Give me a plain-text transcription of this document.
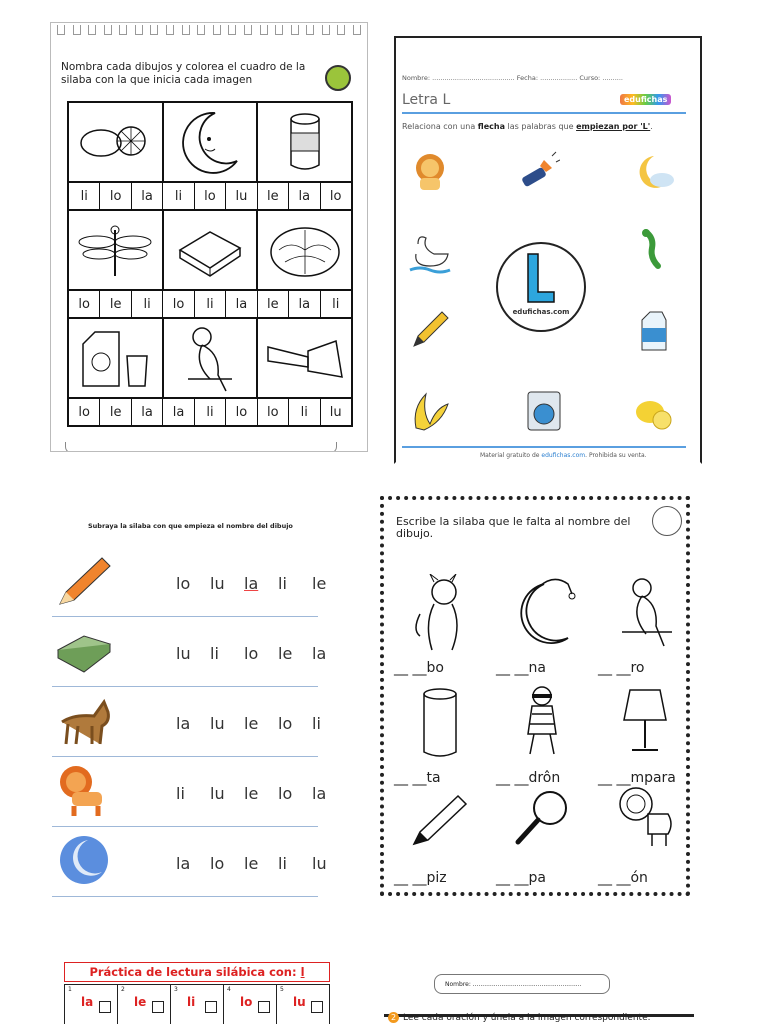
Nombra cada dibujos y colorea el cuadro de la silaba con la que inicia cada imagen
li	lo	la	li	lo	lu	le	la	lo
lo	le	li	lo	li	la	le	la	li
lo	le	la	la	li	lo	lo	li	lu
Nombre: ........................................ Fecha: .................. Curso: ..........
Letra L	edufichas
Relaciona con una flecha las palabras que empiezan por 'L'.
edufichas.com
Material gratuito de edufichas.com. Prohibida su venta.
Subraya la silaba con que empieza el nombre del dibujo
lo	lu	la	li	le
lu	li	lo	le	la
la	lu	le	lo	li
li	lu	le	lo	la
la	lo	le	li	lu
Escribe la silaba que le falta al nombre del dibujo.
__ __bo	__ __na	__ __ro
__ __ta	__ __drôn	__ __mpara
__ __piz	__ __pa	__ __ón
Práctica de lectura silábica con: l
1
la
2
le
3
li
4
lo
5
lu
Nombre: .........................................................
2 Lee cada oración y únela a la imagen correspondiente.
